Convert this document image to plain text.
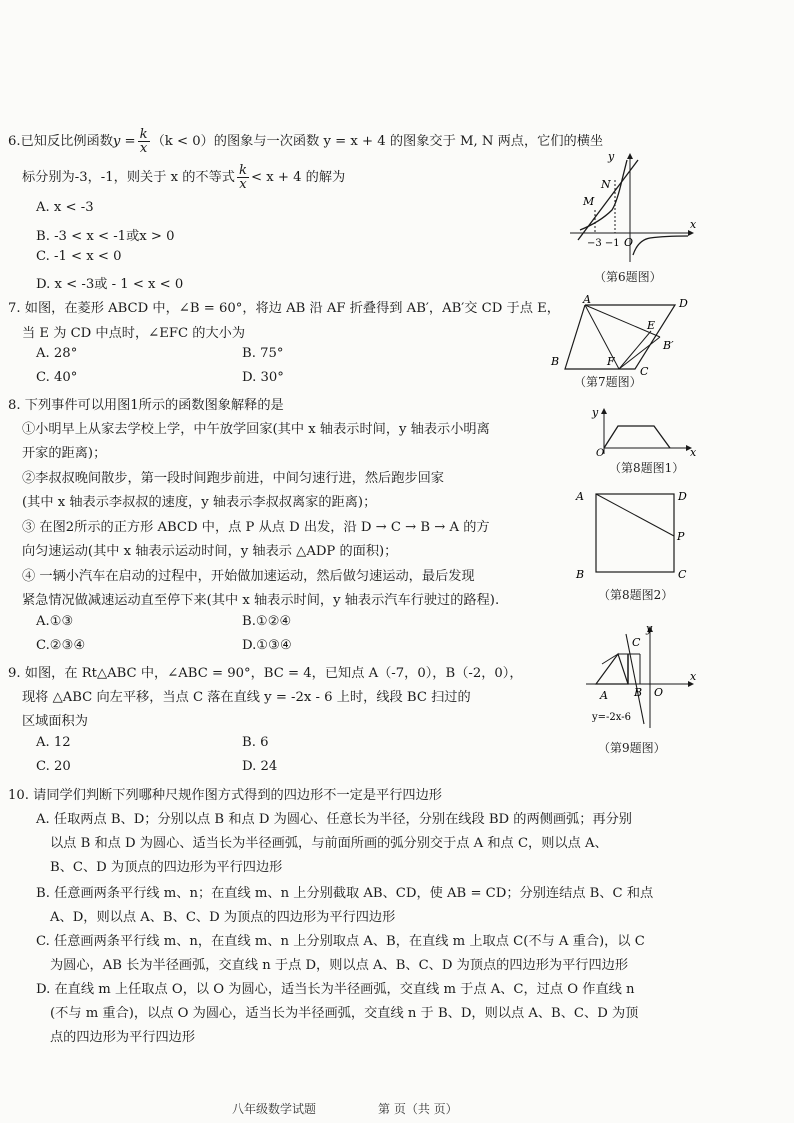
6.已知反比例函数$y = \frac{k}{x} (k < 0)$的图象与一次函数 y = x + 4 的图象交于 M, N 两点，它们的横坐
标分别为-3，-1，则关于 x 的不等式 $\frac{k}{x} < x + 4$ 的解为
A. x < -3
B. -3 < x < -1或x > 0
C. -1 < x < 0
D. x < -3或 - 1 < x < 0
y
x
N
M
O
−3 −1
（第6题图）
7. 如图，在菱形 ABCD 中，∠B = 60°，将边 AB 沿 AF 折叠得到 AB′，AB′交 CD 于点 E，
当 E 为 CD 中点时，∠EFC 的大小为
A. 28°	B. 75°
C. 40°	D. 30°
A	D
E
B′
B	F
C
（第7题图）
8. 下列事件可以用图1所示的函数图象解释的是
①小明早上从家去学校上学，中午放学回家(其中 x 轴表示时间，y 轴表示小明离
开家的距离)；
②李叔叔晚间散步，第一段时间跑步前进，中间匀速行进，然后跑步回家
(其中 x 轴表示李叔叔的速度，y 轴表示李叔叔离家的距离)；
③ 在图2所示的正方形 ABCD 中，点 P 从点 D 出发，沿 D → C → B → A 的方
向匀速运动(其中 x 轴表示运动时间，y 轴表示 △ADP 的面积)；
④ 一辆小汽车在启动的过程中，开始做加速运动，然后做匀速运动，最后发现
紧急情况做减速运动直至停下来(其中 x 轴表示时间，y 轴表示汽车行驶过的路程).
A.①③	B.①②④
C.②③④	D.①③④
y
O	x
（第8题图1）
A	D
P
B	C
（第8题图2）
9. 如图，在 Rt△ABC 中，∠ABC = 90°，BC = 4，已知点 A（-7，0），B（-2，0），
现将 △ABC 向左平移，当点 C 落在直线 y = -2x - 6 上时，线段 BC 扫过的
区域面积为
A. 12	B. 6
C. 20	D. 24
C
y
A B O
x
y=-2x-6
（第9题图）
10. 请同学们判断下列哪种尺规作图方式得到的四边形不一定是平行四边形
A. 任取两点 B、D；分别以点 B 和点 D 为圆心、任意长为半径，分别在线段 BD 的两侧画弧；再分别
以点 B 和点 D 为圆心、适当长为半径画弧，与前面所画的弧分别交于点 A 和点 C，则以点 A、
B、C、D 为顶点的四边形为平行四边形
B. 任意画两条平行线 m、n；在直线 m、n 上分别截取 AB、CD，使 AB = CD；分别连结点 B、C 和点
A、D，则以点 A、B、C、D 为顶点的四边形为平行四边形
C. 任意画两条平行线 m、n，在直线 m、n 上分别取点 A、B，在直线 m 上取点 C(不与 A 重合)，以 C
为圆心，AB 长为半径画弧，交直线 n 于点 D，则以点 A、B、C、D 为顶点的四边形为平行四边形
D. 在直线 m 上任取点 O，以 O 为圆心，适当长为半径画弧，交直线 m 于点 A、C，过点 O 作直线 n
(不与 m 重合)，以点 O 为圆心，适当长为半径画弧，交直线 n 于 B、D，则以点 A、B、C、D 为顶
点的四边形为平行四边形
八年级数学试题	第 页（共 页）
